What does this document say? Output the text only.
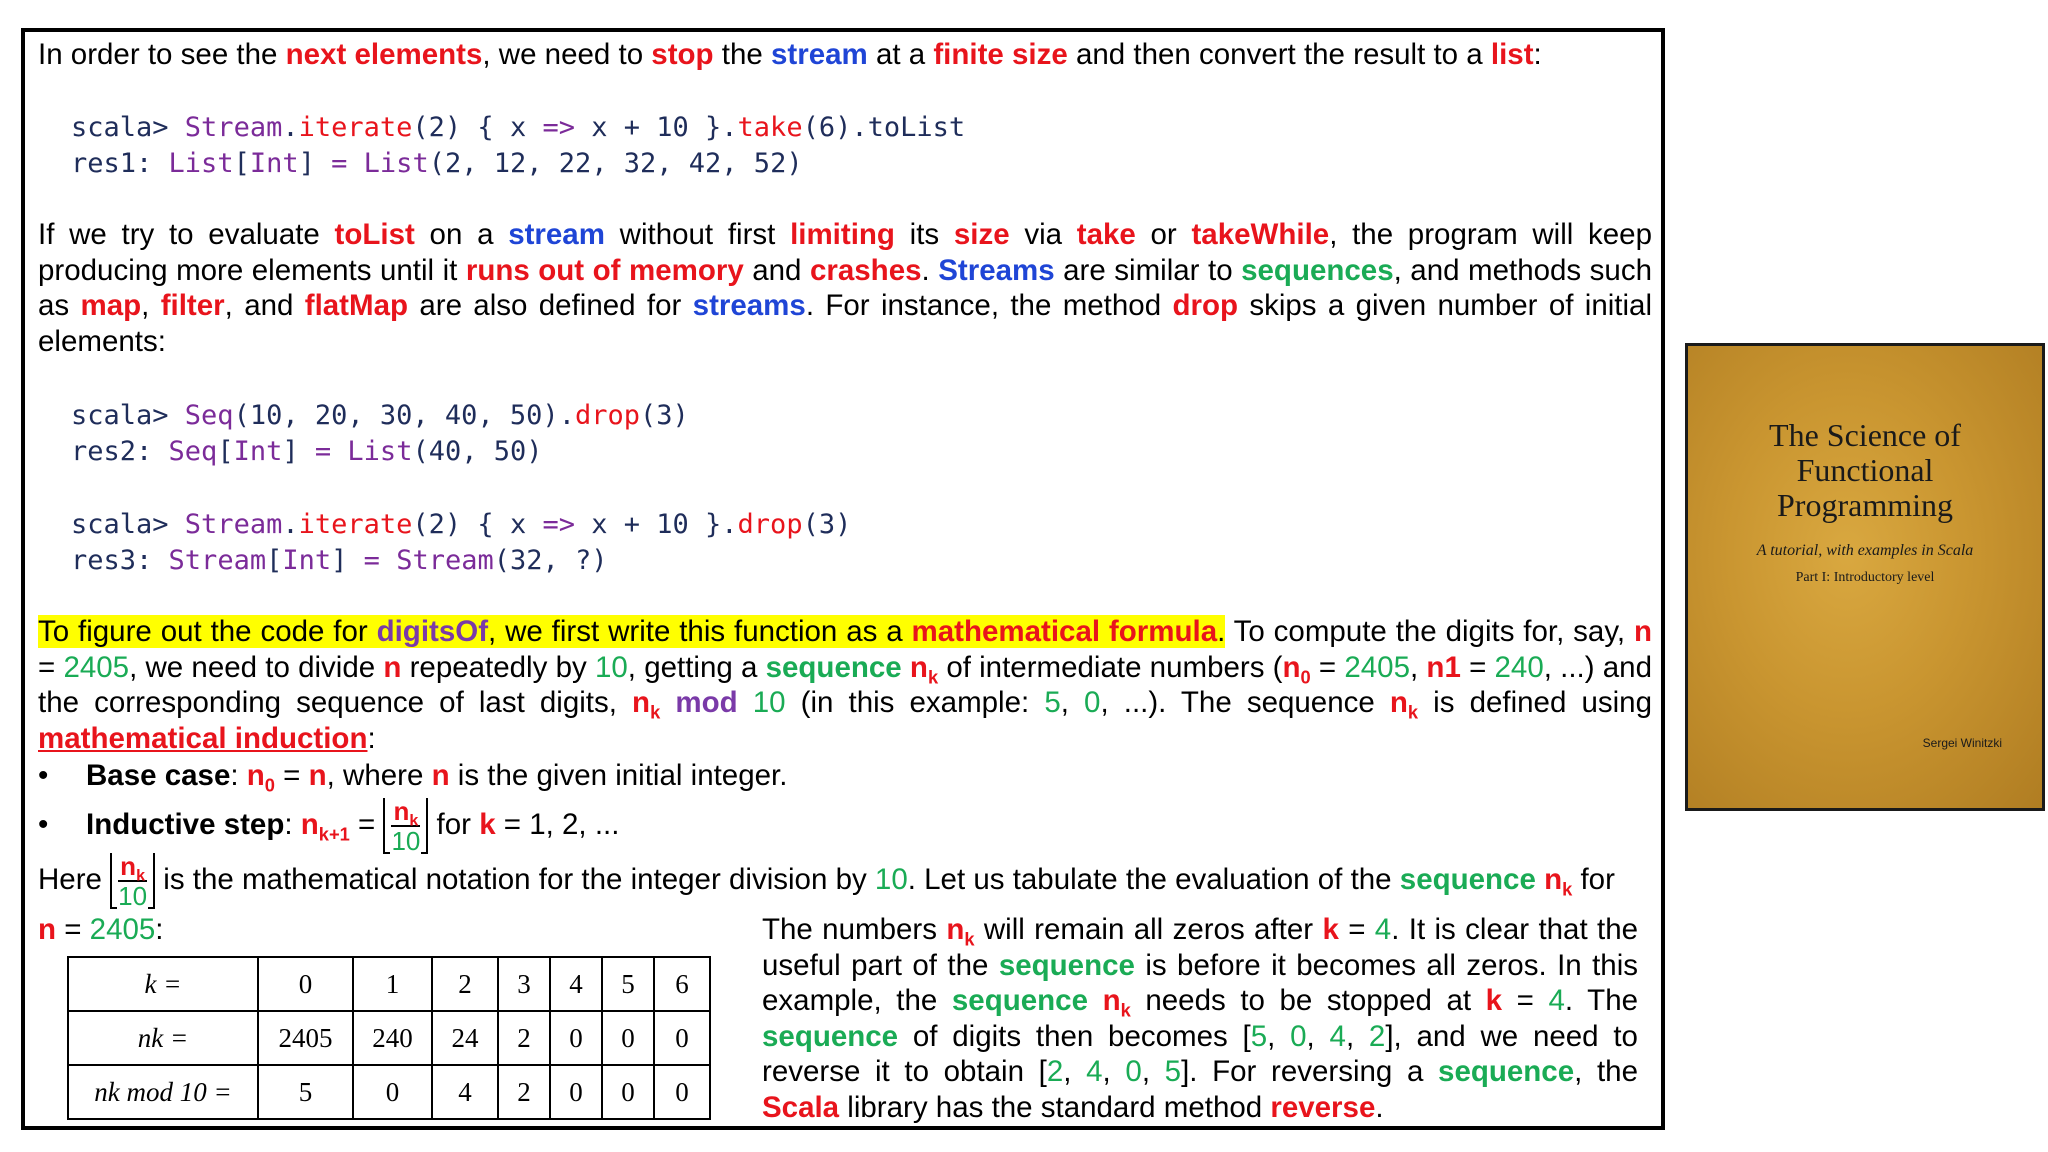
In order to see the next elements, we need to stop the stream at a finite size and then convert the result to a list:
scala> Stream.iterate(2) { x => x + 10 }.take(6).toList
res1: List[Int] = List(2, 12, 22, 32, 42, 52)
If we try to evaluate toList on a stream without first limiting its size via take or takeWhile, the program will keep producing more elements until it runs out of memory and crashes. Streams are similar to sequences, and methods such as map, filter, and flatMap are also defined for streams. For instance, the method drop skips a given number of initial elements:
scala> Seq(10, 20, 30, 40, 50).drop(3)
res2: Seq[Int] = List(40, 50)
scala> Stream.iterate(2) { x => x + 10 }.drop(3)
res3: Stream[Int] = Stream(32, ?)
To figure out the code for digitsOf, we first write this function as a mathematical formula. To compute the digits for, say, n = 2405, we need to divide n repeatedly by 10, getting a sequence $n_k$ of intermediate numbers ($n_0 = 2405$, n1 = 240, ...) and the corresponding sequence of last digits, $n_k$ mod 10 (in this example: 5, 0, ...). The sequence $n_k$ is defined using mathematical induction:
• Base case: $n_0 = n$, where n is the given initial integer.
• Inductive step: $n_{k+1} = \frac{n_k}{10}$ for k = 1, 2, ...
Here $\frac{n_k}{10}$ is the mathematical notation for the integer division by 10. Let us tabulate the evaluation of the sequence $n_k$ for
n = 2405:
k =	0	1	2	3	4	5	6
nk =	2405	240	24	2	0	0	0
nk mod 10 =	5	0	4	2	0	0	0
The numbers $n_k$ will remain all zeros after k = 4. It is clear that the useful part of the sequence is before it becomes all zeros. In this example, the sequence $n_k$ needs to be stopped at k = 4. The sequence of digits then becomes [5, 0, 4, 2], and we need to reverse it to obtain [2, 4, 0, 5]. For reversing a sequence, the Scala library has the standard method reverse.
The Science of
Functional
Programming
A tutorial, with examples in Scala
Part I: Introductory level
Sergei Winitzki
